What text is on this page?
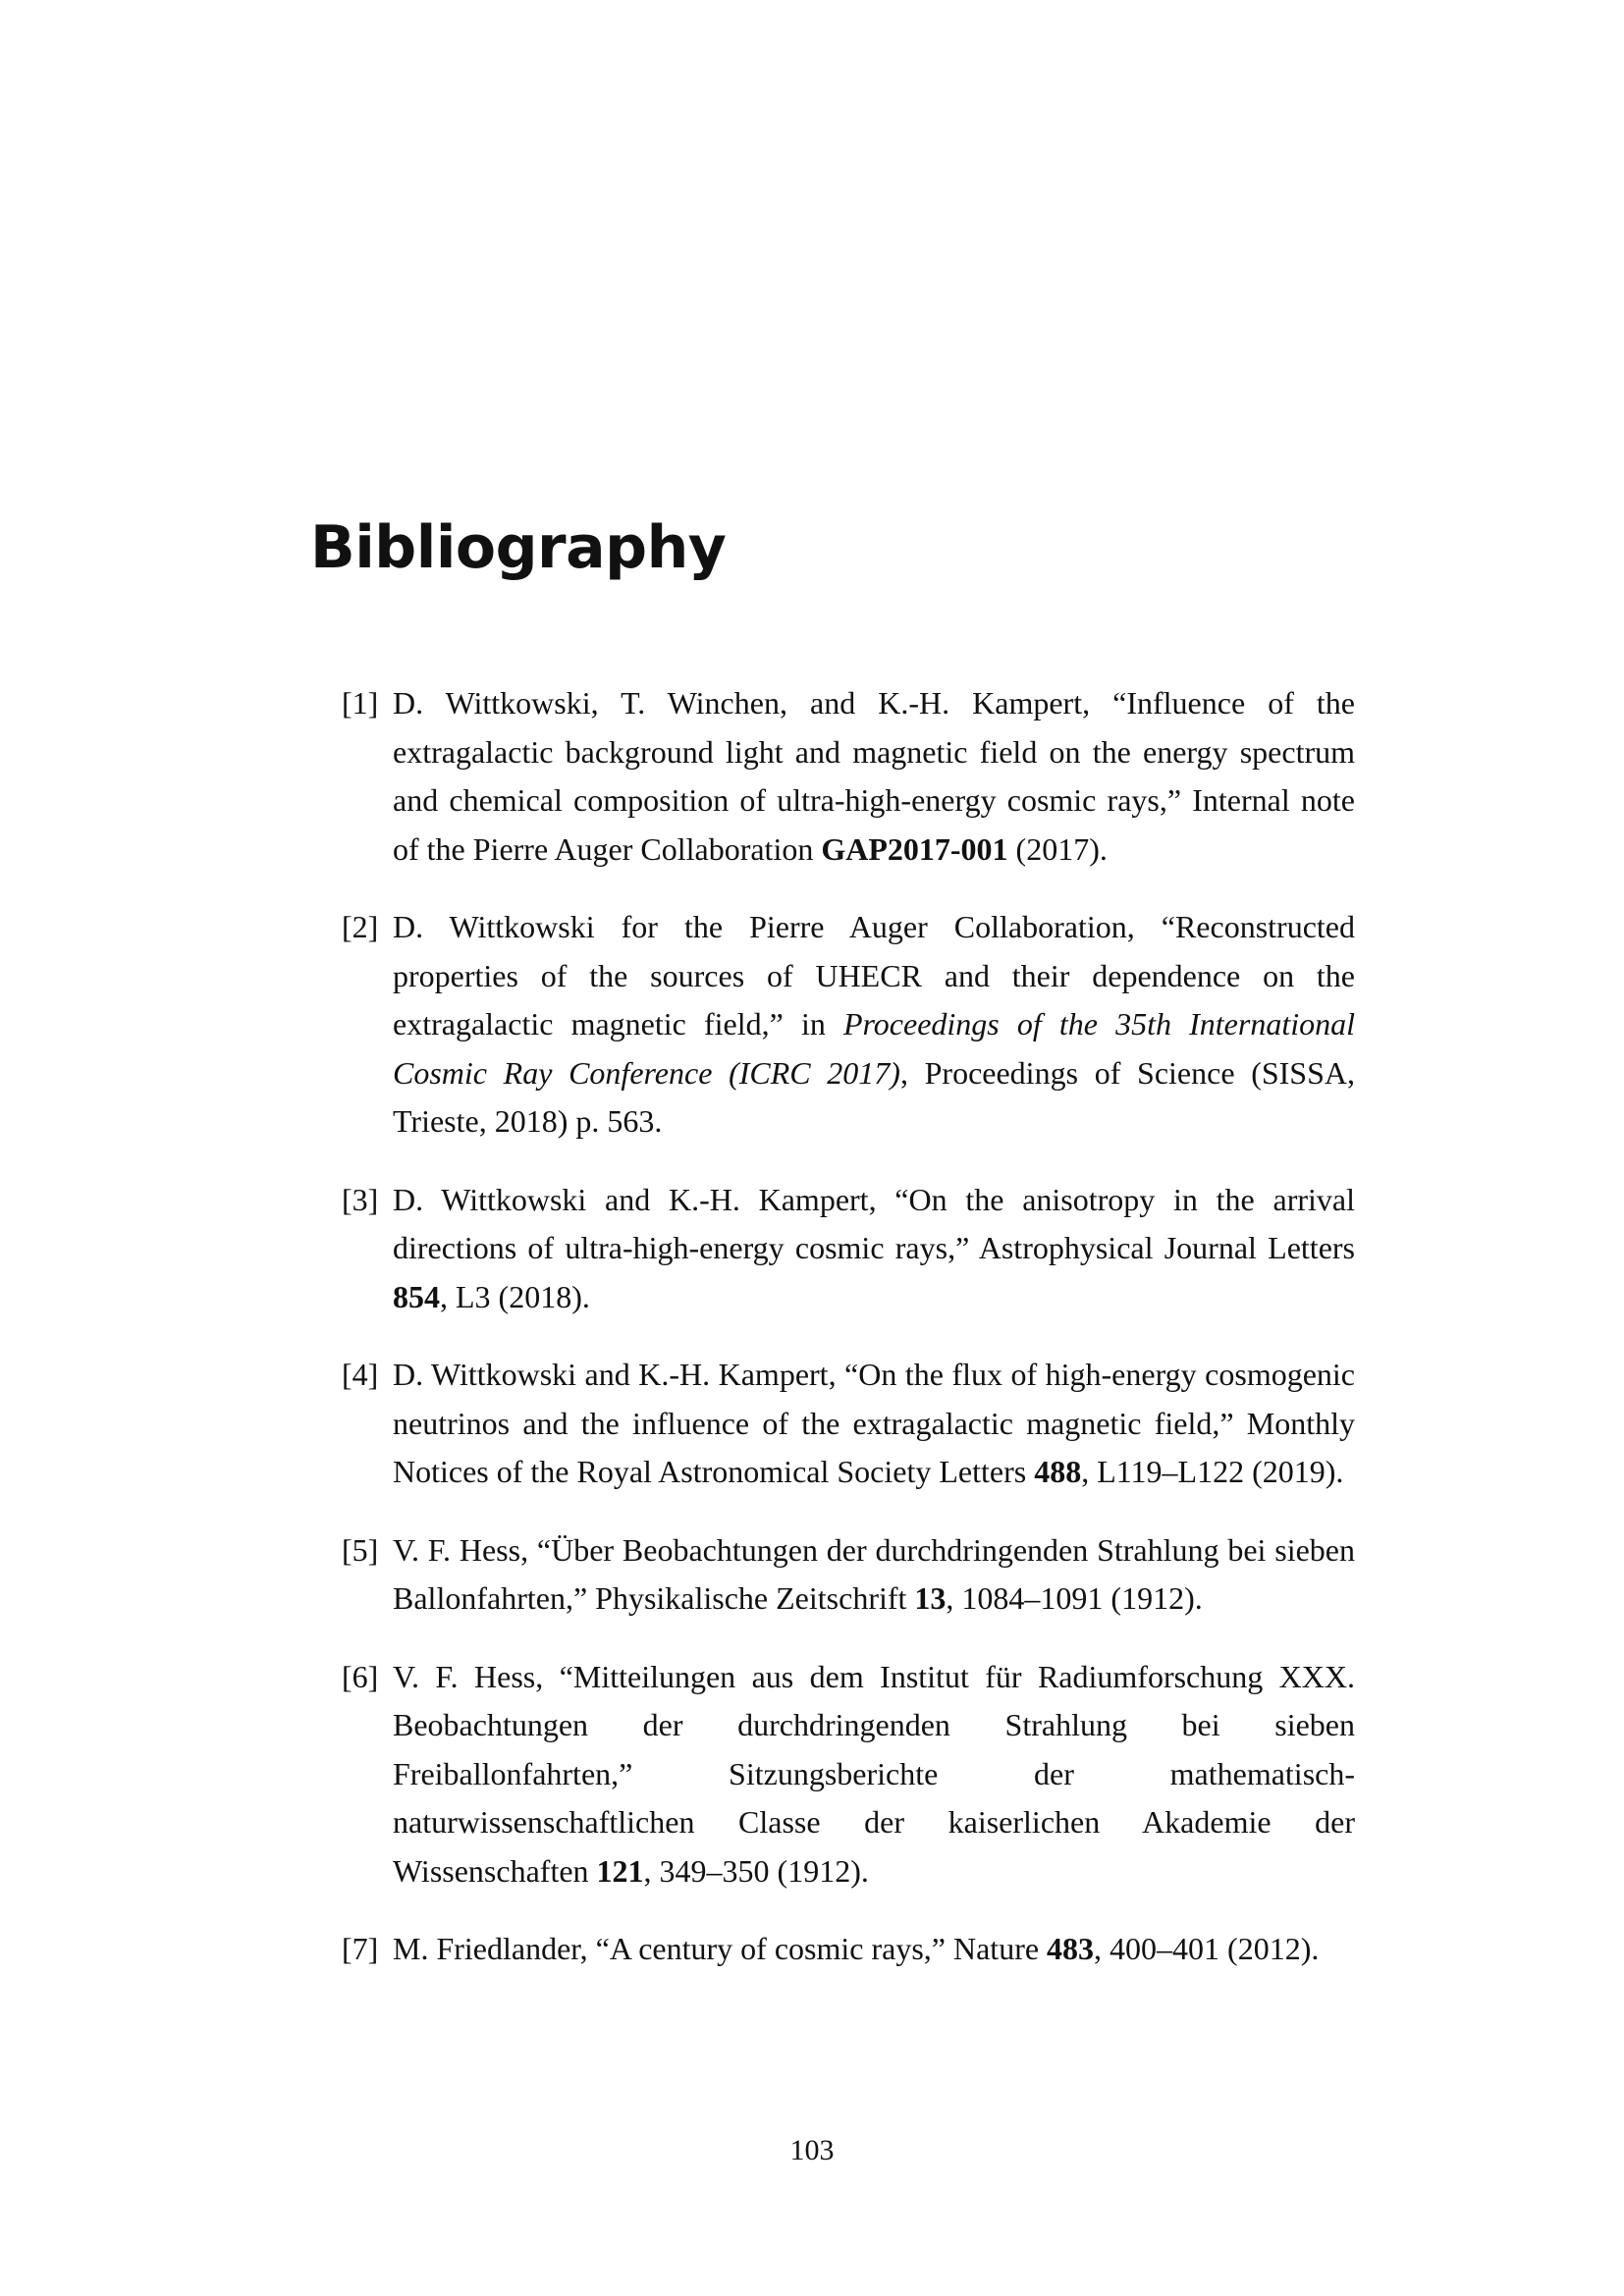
Bibliography
[1] D. Wittkowski, T. Winchen, and K.-H. Kampert, “Influence of the extragalactic background light and magnetic field on the energy spectrum and chemical composition of ultra-high-energy cosmic rays,” Internal note of the Pierre Auger Collaboration GAP2017-001 (2017).
[2] D. Wittkowski for the Pierre Auger Collaboration, “Reconstructed properties of the sources of UHECR and their dependence on the extragalactic magnetic field,” in Proceedings of the 35th International Cosmic Ray Conference (ICRC 2017), Proceedings of Science (SISSA, Trieste, 2018) p. 563.
[3] D. Wittkowski and K.-H. Kampert, “On the anisotropy in the arrival directions of ultra-high-energy cosmic rays,” Astrophysical Journal Letters 854, L3 (2018).
[4] D. Wittkowski and K.-H. Kampert, “On the flux of high-energy cosmogenic neutrinos and the influence of the extragalactic magnetic field,” Monthly Notices of the Royal Astronomical Society Letters 488, L119–L122 (2019).
[5] V. F. Hess, “Über Beobachtungen der durchdringenden Strahlung bei sieben Ballonfahrten,” Physikalische Zeitschrift 13, 1084–1091 (1912).
[6] V. F. Hess, “Mitteilungen aus dem Institut für Radiumforschung XXX. Beobachtungen der durchdringenden Strahlung bei sieben Freiballonfahrten,” Sitzungsberichte der mathematisch-naturwissenschaftlichen Classe der kaiserlichen Akademie der Wissenschaften 121, 349–350 (1912).
[7] M. Friedlander, “A century of cosmic rays,” Nature 483, 400–401 (2012).
103
